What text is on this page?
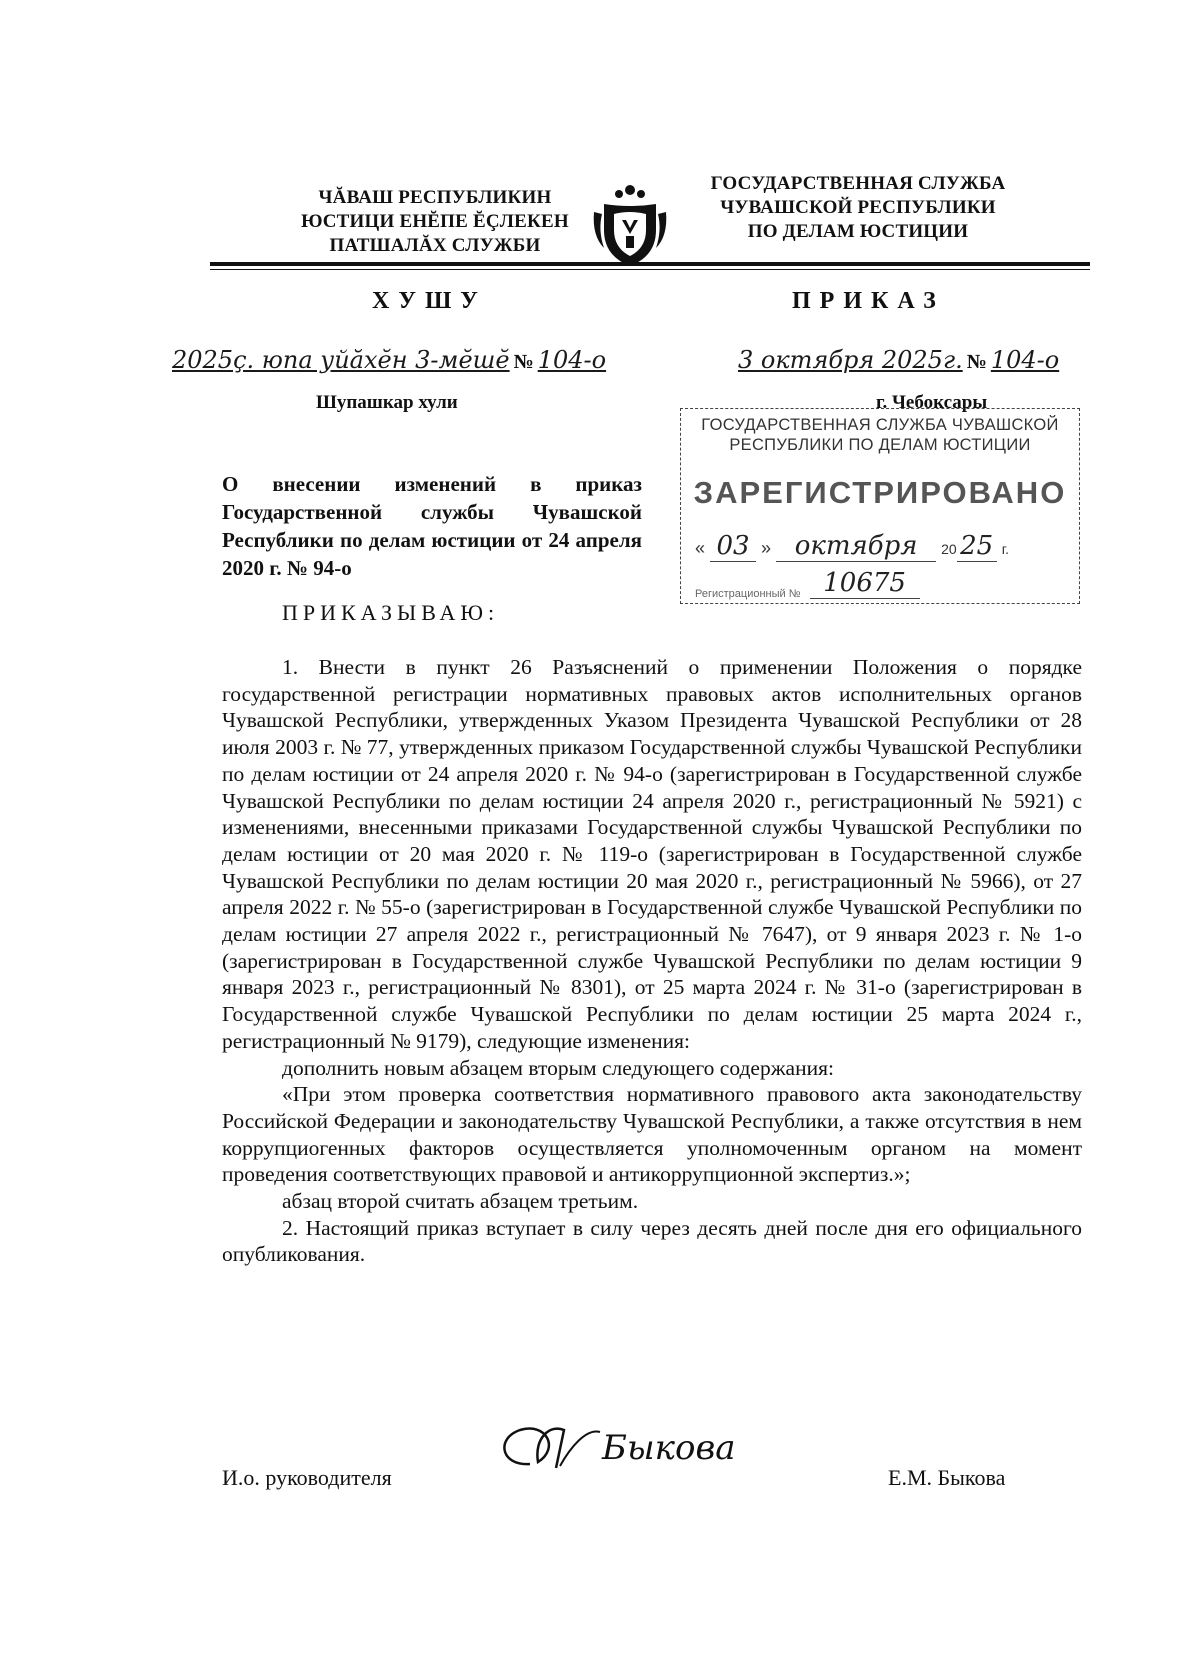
ЧĂВАШ РЕСПУБЛИКИН
ЮСТИЦИ ЕНĔПЕ ĔÇЛЕКЕН
ПАТШАЛĂХ СЛУЖБИ
ГОСУДАРСТВЕННАЯ СЛУЖБА
ЧУВАШСКОЙ РЕСПУБЛИКИ
ПО ДЕЛАМ ЮСТИЦИИ
ХУШУ	ПРИКАЗ
2025ç. юпа уйăхĕн 3-мĕшĕ № 104-о	3 октября 2025г. № 104-о
Шупашкар хули	г. Чебоксары
ГОСУДАРСТВЕННАЯ СЛУЖБА ЧУВАШСКОЙ
РЕСПУБЛИКИ ПО ДЕЛАМ ЮСТИЦИИ
ЗАРЕГИСТРИРОВАНО
« 03 » октября 20 25 г.
Регистрационный № 10675
О внесении изменений в приказ Государственной службы Чувашской Республики по делам юстиции от 24 апреля 2020 г. № 94-о
ПРИКАЗЫВАЮ:

1. Внести в пункт 26 Разъяснений о применении Положения о порядке государственной регистрации нормативных правовых актов исполнительных органов Чувашской Республики, утвержденных Указом Президента Чувашской Республики от 28 июля 2003 г. № 77, утвержденных приказом Государственной службы Чувашской Республики по делам юстиции от 24 апреля 2020 г. № 94-о (зарегистрирован в Государственной службе Чувашской Республики по делам юстиции 24 апреля 2020 г., регистрационный № 5921) с изменениями, внесенными приказами Государственной службы Чувашской Республики по делам юстиции от 20 мая 2020 г. № 119-о (зарегистрирован в Государственной службе Чувашской Республики по делам юстиции 20 мая 2020 г., регистрационный № 5966), от 27 апреля 2022 г. № 55-о (зарегистрирован в Государственной службе Чувашской Республики по делам юстиции 27 апреля 2022 г., регистрационный № 7647), от 9 января 2023 г. № 1-о (зарегистрирован в Государственной службе Чувашской Республики по делам юстиции 9 января 2023 г., регистрационный № 8301), от 25 марта 2024 г. № 31-о (зарегистрирован в Государственной службе Чувашской Республики по делам юстиции 25 марта 2024 г., регистрационный № 9179), следующие изменения:

дополнить новым абзацем вторым следующего содержания:

«При этом проверка соответствия нормативного правового акта законодательству Российской Федерации и законодательству Чувашской Республики, а также отсутствия в нем коррупциогенных факторов осуществляется уполномоченным органом на момент проведения соответствующих правовой и антикоррупционной экспертиз.»;

абзац второй считать абзацем третьим.

2. Настоящий приказ вступает в силу через десять дней после дня его официального опубликования.

И.о. руководителя
Быкова
Е.М. Быкова
